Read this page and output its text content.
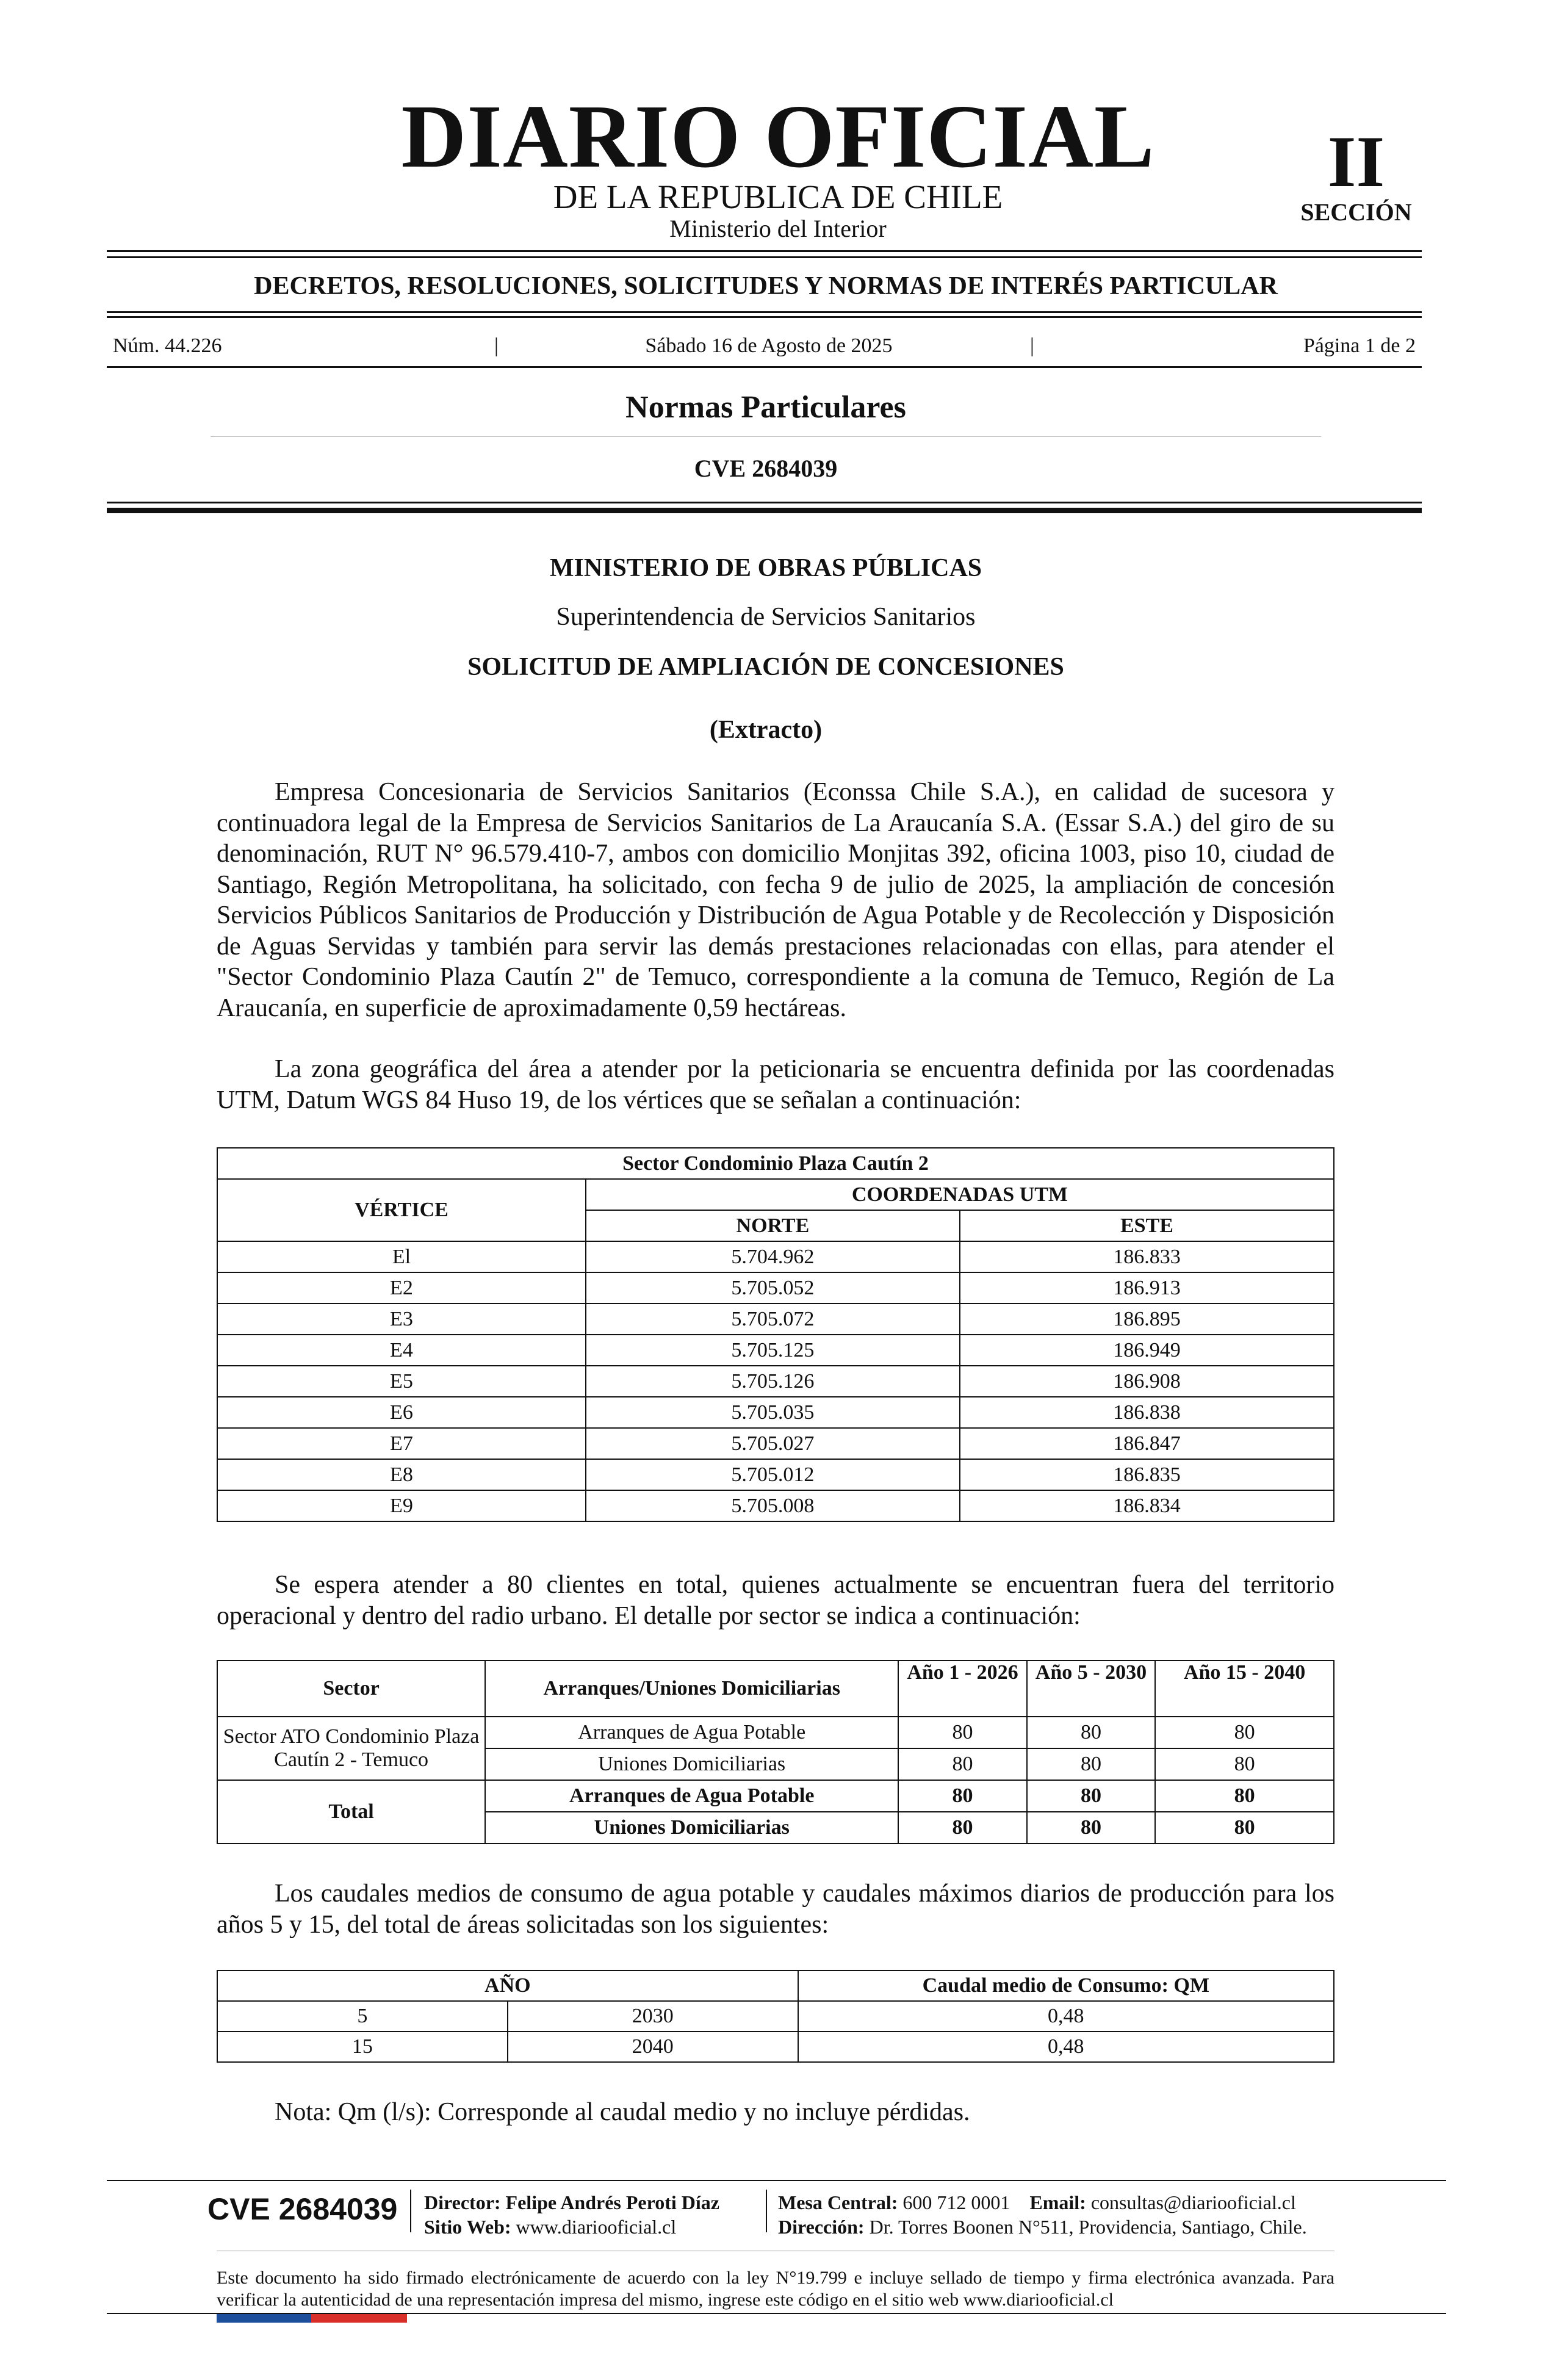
DIARIO OFICIAL
DE LA REPUBLICA DE CHILE
Ministerio del Interior
II
SECCIÓN
DECRETOS, RESOLUCIONES, SOLICITUDES Y NORMAS DE INTERÉS PARTICULAR
Núm. 44.226	|	Sábado 16 de Agosto de 2025	|	Página 1 de 2
Normas Particulares
CVE 2684039
MINISTERIO DE OBRAS PÚBLICAS
Superintendencia de Servicios Sanitarios
SOLICITUD DE AMPLIACIÓN DE CONCESIONES
(Extracto)

Empresa Concesionaria de Servicios Sanitarios (Econssa Chile S.A.), en calidad de sucesora y continuadora legal de la Empresa de Servicios Sanitarios de La Araucanía S.A. (Essar S.A.) del giro de su denominación, RUT N° 96.579.410-7, ambos con domicilio Monjitas 392, oficina 1003, piso 10, ciudad de Santiago, Región Metropolitana, ha solicitado, con fecha 9 de julio de 2025, la ampliación de concesión Servicios Públicos Sanitarios de Producción y Distribución de Agua Potable y de Recolección y Disposición de Aguas Servidas y también para servir las demás prestaciones relacionadas con ellas, para atender el "Sector Condominio Plaza Cautín 2" de Temuco, correspondiente a la comuna de Temuco, Región de La Araucanía, en superficie de aproximadamente 0,59 hectáreas.

La zona geográfica del área a atender por la peticionaria se encuentra definida por las coordenadas UTM, Datum WGS 84 Huso 19, de los vértices que se señalan a continuación:

Sector Condominio Plaza Cautín 2		
VÉRTICE	COORDENADAS UTM	
	NORTE	ESTE
El	5.704.962	186.833
E2	5.705.052	186.913
E3	5.705.072	186.895
E4	5.705.125	186.949
E5	5.705.126	186.908
E6	5.705.035	186.838
E7	5.705.027	186.847
E8	5.705.012	186.835
E9	5.705.008	186.834

Se espera atender a 80 clientes en total, quienes actualmente se encuentran fuera del territorio operacional y dentro del radio urbano. El detalle por sector se indica a continuación:

Sector	Arranques/Uniones Domiciliarias	Año 1 - 2026	Año 5 - 2030	Año 15 - 2040
Sector ATO Condominio Plaza Cautín 2 - Temuco	Arranques de Agua Potable	80	80	80
	Uniones Domiciliarias	80	80	80
Total	Arranques de Agua Potable	80	80	80
	Uniones Domiciliarias	80	80	80

Los caudales medios de consumo de agua potable y caudales máximos diarios de producción para los años 5 y 15, del total de áreas solicitadas son los siguientes:

AÑO		Caudal medio de Consumo: QM
5	2030	0,48
15	2040	0,48
Nota: Qm (l/s): Corresponde al caudal medio y no incluye pérdidas.
CVE 2684039 Director: Felipe Andrés Peroti Díaz
Sitio Web: www.diariooficial.cl
Mesa Central: 600 712 0001 Email: consultas@diariooficial.cl
Dirección: Dr. Torres Boonen N°511, Providencia, Santiago, Chile.

Este documento ha sido firmado electrónicamente de acuerdo con la ley N°19.799 e incluye sellado de tiempo y firma electrónica avanzada. Para verificar la autenticidad de una representación impresa del mismo, ingrese este código en el sitio web www.diariooficial.cl
